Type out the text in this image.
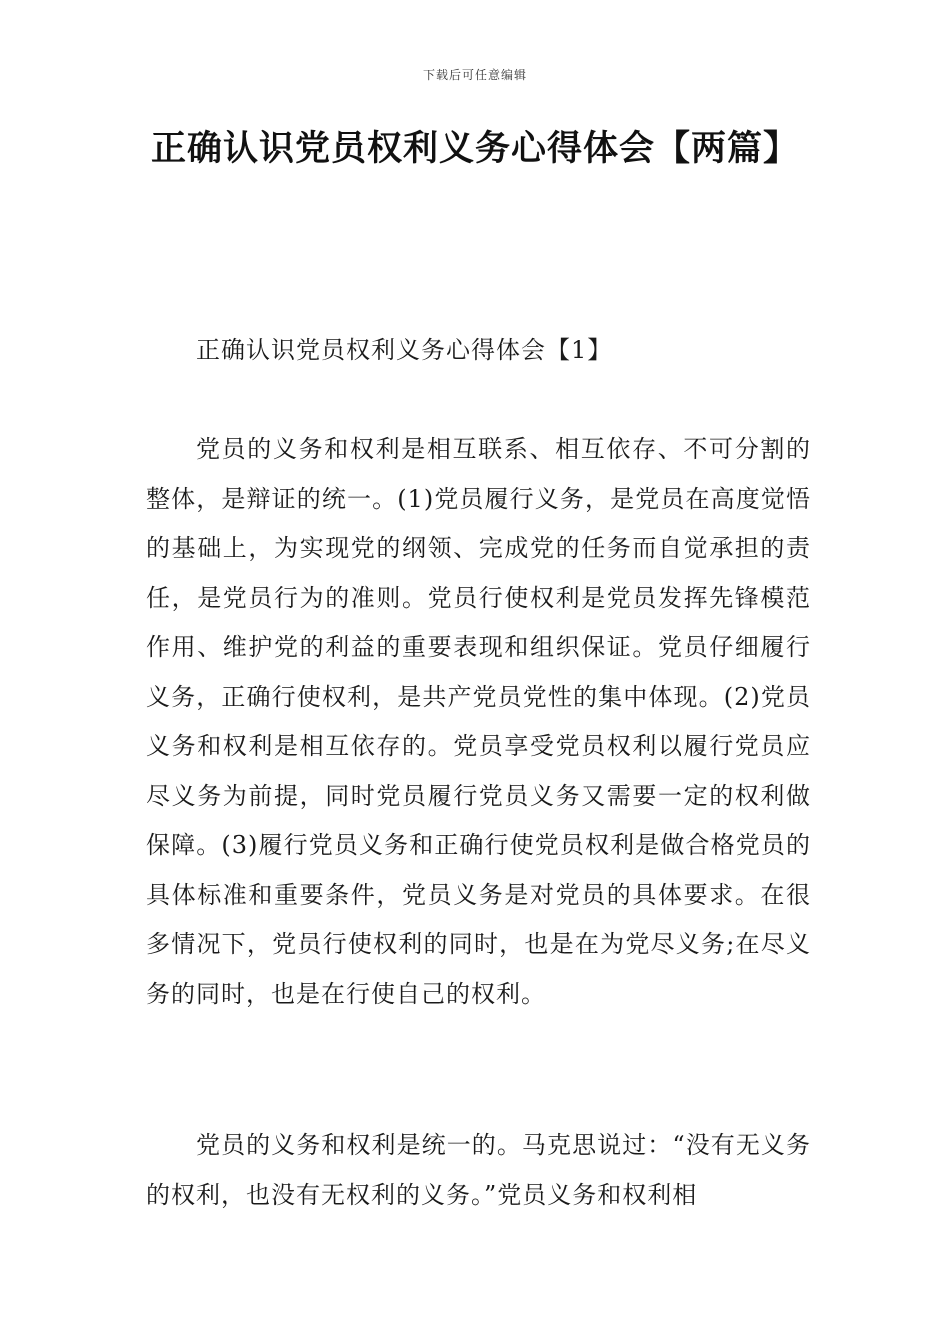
下载后可任意编辑
正确认识党员权利义务心得体会【两篇】
正确认识党员权利义务心得体会【1】

党员的义务和权利是相互联系、相互依存、不可分割的整体，是辩证的统一。(1)党员履行义务，是党员在高度觉悟的基础上，为实现党的纲领、完成党的任务而自觉承担的责任，是党员行为的准则。党员行使权利是党员发挥先锋模范作用、维护党的利益的重要表现和组织保证。党员仔细履行义务，正确行使权利，是共产党员党性的集中体现。(2)党员义务和权利是相互依存的。党员享受党员权利以履行党员应尽义务为前提，同时党员履行党员义务又需要一定的权利做保障。(3)履行党员义务和正确行使党员权利是做合格党员的具体标准和重要条件，党员义务是对党员的具体要求。在很多情况下，党员行使权利的同时，也是在为党尽义务;在尽义务的同时，也是在行使自己的权利。

党员的义务和权利是统一的。马克思说过：“没有无义务的权利，也没有无权利的义务。”党员义务和权利相
